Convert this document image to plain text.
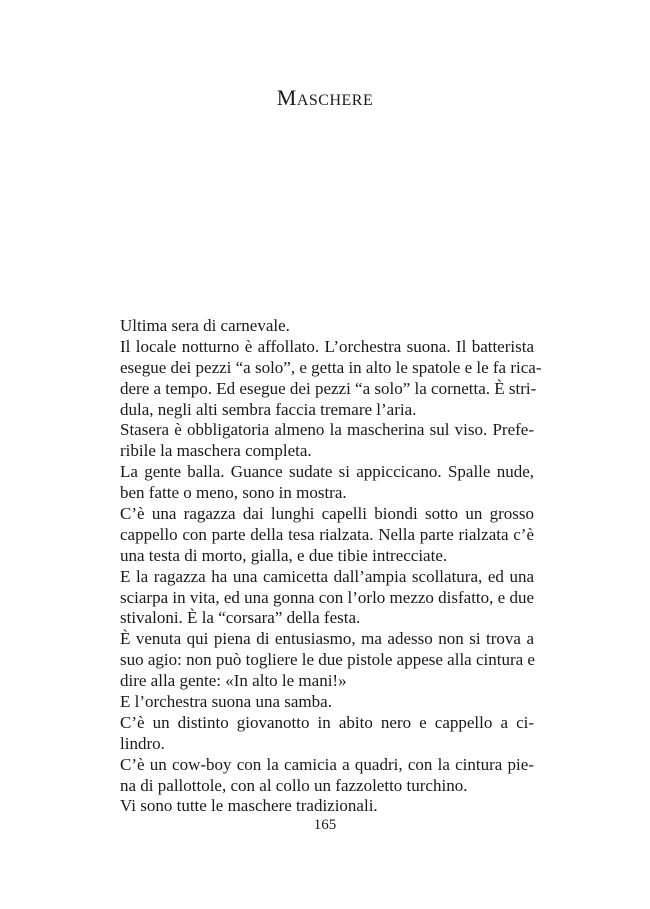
MASCHERE
Ultima sera di carnevale.
Il locale notturno è affollato. L’orchestra suona. Il batterista
esegue dei pezzi “a solo”, e getta in alto le spatole e le fa rica-
dere a tempo. Ed esegue dei pezzi “a solo” la cornetta. È stri-
dula, negli alti sembra faccia tremare l’aria.
Stasera è obbligatoria almeno la mascherina sul viso. Prefe-
ribile la maschera completa.
La gente balla. Guance sudate si appiccicano. Spalle nude,
ben fatte o meno, sono in mostra.
C’è una ragazza dai lunghi capelli biondi sotto un grosso
cappello con parte della tesa rialzata. Nella parte rialzata c’è
una testa di morto, gialla, e due tibie intrecciate.
E la ragazza ha una camicetta dall’ampia scollatura, ed una
sciarpa in vita, ed una gonna con l’orlo mezzo disfatto, e due
stivaloni. È la “corsara” della festa.
È venuta qui piena di entusiasmo, ma adesso non si trova a
suo agio: non può togliere le due pistole appese alla cintura e
dire alla gente: «In alto le mani!»
E l’orchestra suona una samba.
C’è un distinto giovanotto in abito nero e cappello a ci-
lindro.
C’è un cow-boy con la camicia a quadri, con la cintura pie-
na di pallottole, con al collo un fazzoletto turchino.
Vi sono tutte le maschere tradizionali.
165
